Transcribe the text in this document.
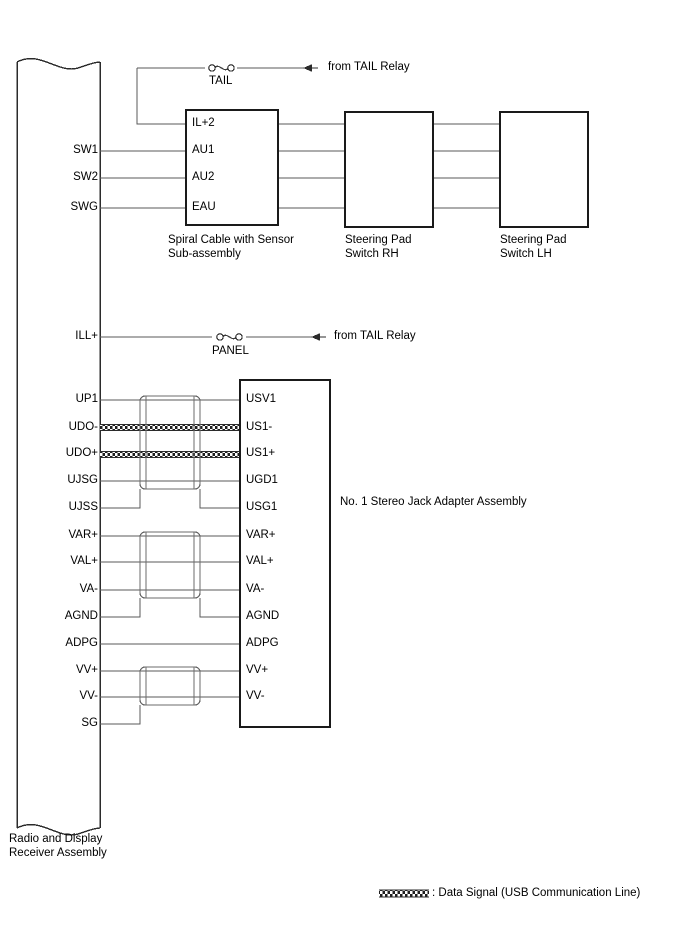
SW1
SW2
SWG
ILL+
UP1
UDO-
UDO+
UJSG
UJSS
VAR+
VAL+
VA-
AGND
ADPG
VV+
VV-
SG
Radio and Display
Receiver Assembly
IL+2
AU1
AU2
EAU
Spiral Cable with Sensor
Sub-assembly
Steering Pad
Switch RH
Steering Pad
Switch LH
TAIL
from TAIL Relay
PANEL
from TAIL Relay
USV1
US1-
US1+
UGD1
USG1
VAR+
VAL+
VA-
AGND
ADPG
VV+
VV-
No. 1 Stereo Jack Adapter Assembly
: Data Signal (USB Communication Line)
